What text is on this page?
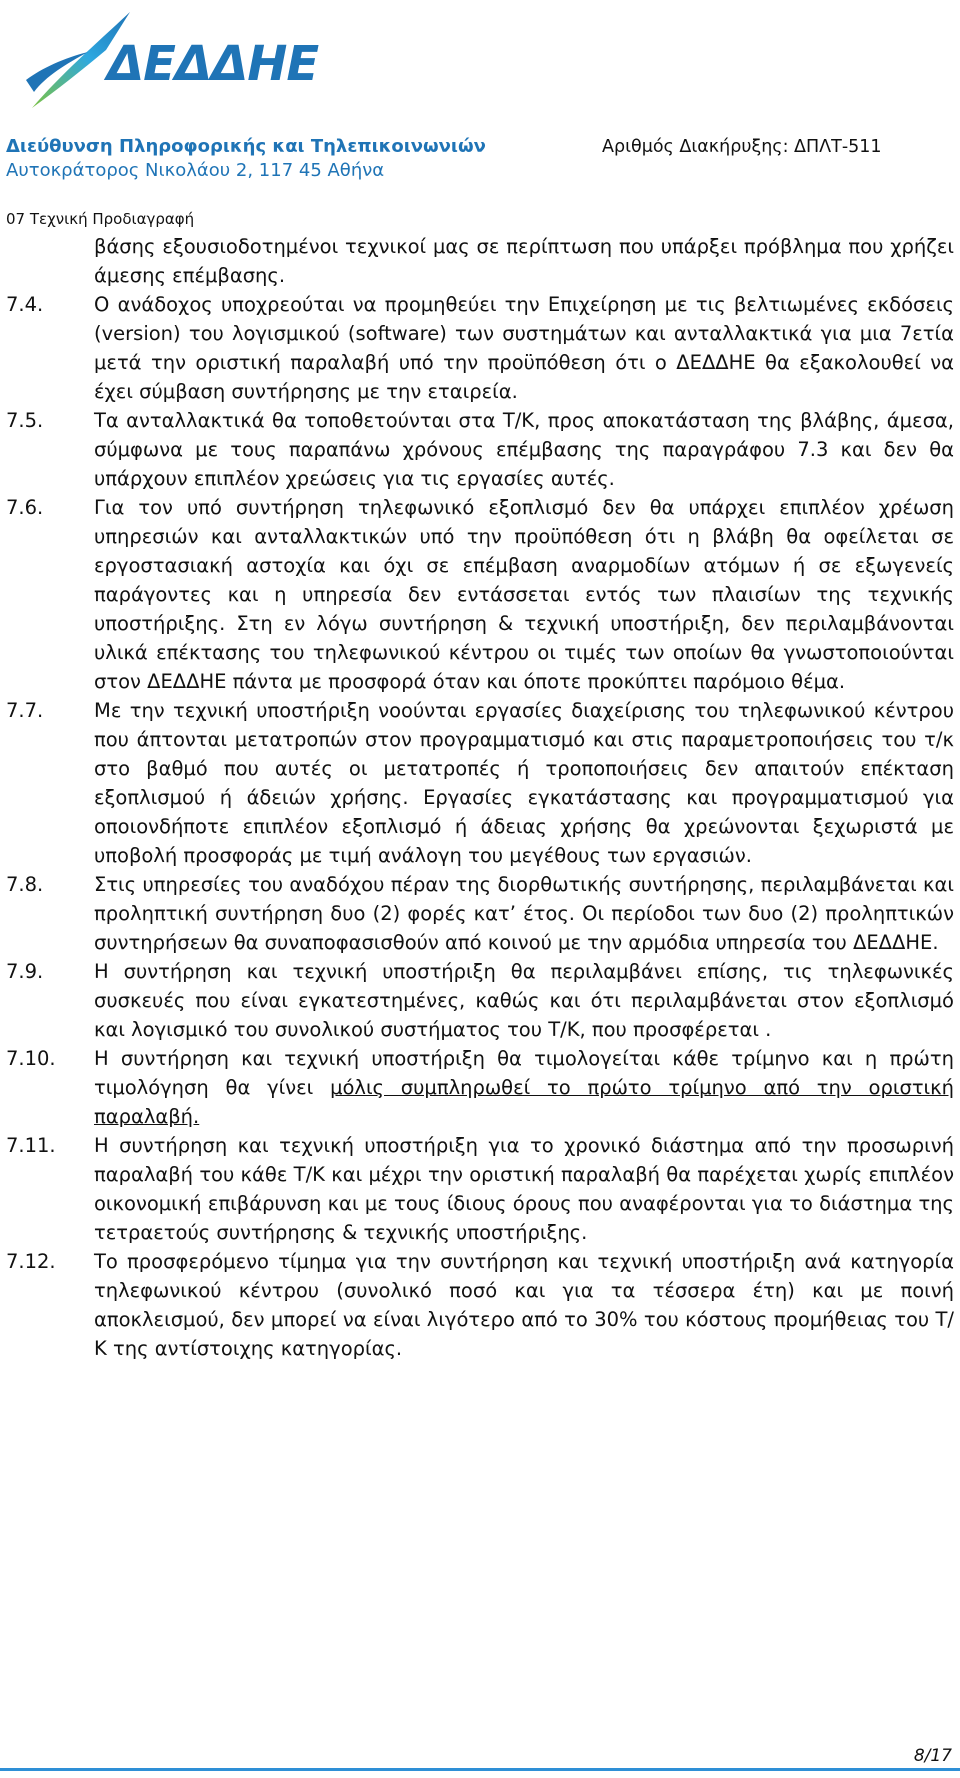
ΔΕΔΔΗΕ
Διεύθυνση Πληροφορικής και Τηλεπικοινωνιών
Αυτοκράτορος Νικολάου 2, 117 45 Αθήνα
Αριθμός Διακήρυξης: ΔΠΛΤ-511
07 Τεχνική Προδιαγραφή
βάσης εξουσιοδοτημένοι τεχνικοί μας σε περίπτωση που υπάρξει πρόβλημα που χρήζει άμεσης επέμβασης.
7.4.	Ο ανάδοχος υποχρεούται να προμηθεύει την Επιχείρηση με τις βελτιωμένες εκδόσεις (version) του λογισμικού (software) των συστημάτων και ανταλλακτικά για μια 7ετία μετά την οριστική παραλαβή υπό την προϋπόθεση ότι ο ΔΕΔΔΗΕ θα εξακολουθεί να έχει σύμβαση συντήρησης με την εταιρεία.
7.5.	Τα ανταλλακτικά θα τοποθετούνται στα Τ/Κ, προς αποκατάσταση της βλάβης, άμεσα, σύμφωνα με τους παραπάνω χρόνους επέμβασης της παραγράφου 7.3 και δεν θα υπάρχουν επιπλέον χρεώσεις για τις εργασίες αυτές.
7.6.	Για τον υπό συντήρηση τηλεφωνικό εξοπλισμό δεν θα υπάρχει επιπλέον χρέωση υπηρεσιών και ανταλλακτικών υπό την προϋπόθεση ότι η βλάβη θα οφείλεται σε εργοστασιακή αστοχία και όχι σε επέμβαση αναρμοδίων ατόμων ή σε εξωγενείς παράγοντες και η υπηρεσία δεν εντάσσεται εντός των πλαισίων της τεχνικής υποστήριξης. Στη εν λόγω συντήρηση & τεχνική υποστήριξη, δεν περιλαμβάνονται υλικά επέκτασης του τηλεφωνικού κέντρου οι τιμές των οποίων θα γνωστοποιούνται στον ΔΕΔΔΗΕ πάντα με προσφορά όταν και όποτε προκύπτει παρόμοιο θέμα.
7.7.	Με την τεχνική υποστήριξη νοούνται εργασίες διαχείρισης του τηλεφωνικού κέντρου που άπτονται μετατροπών στον προγραμματισμό και στις παραμετροποιήσεις του τ/κ στο βαθμό που αυτές οι μετατροπές ή τροποποιήσεις δεν απαιτούν επέκταση εξοπλισμού ή άδειών χρήσης. Εργασίες εγκατάστασης και προγραμματισμού για οποιονδήποτε επιπλέον εξοπλισμό ή άδειας χρήσης θα χρεώνονται ξεχωριστά με υποβολή προσφοράς με τιμή ανάλογη του μεγέθους των εργασιών.
7.8.	Στις υπηρεσίες του αναδόχου πέραν της διορθωτικής συντήρησης, περιλαμβάνεται και προληπτική συντήρηση δυο (2) φορές κατ’ έτος. Οι περίοδοι των δυο (2) προληπτικών συντηρήσεων θα συναποφασισθούν από κοινού με την αρμόδια υπηρεσία του ΔΕΔΔΗΕ.
7.9.	Η συντήρηση και τεχνική υποστήριξη θα περιλαμβάνει επίσης, τις τηλεφωνικές συσκευές που είναι εγκατεστημένες, καθώς και ότι περιλαμβάνεται στον εξοπλισμό και λογισμικό του συνολικού συστήματος του Τ/Κ, που προσφέρεται .
7.10.	Η συντήρηση και τεχνική υποστήριξη θα τιμολογείται κάθε τρίμηνο και η πρώτη τιμολόγηση θα γίνει μόλις συμπληρωθεί το πρώτο τρίμηνο από την οριστική παραλαβή.
7.11.	Η συντήρηση και τεχνική υποστήριξη για το χρονικό διάστημα από την προσωρινή παραλαβή του κάθε Τ/Κ και μέχρι την οριστική παραλαβή θα παρέχεται χωρίς επιπλέον οικονομική επιβάρυνση και με τους ίδιους όρους που αναφέρονται για το διάστημα της τετραετούς συντήρησης & τεχνικής υποστήριξης.
7.12.	Το προσφερόμενο τίμημα για την συντήρηση και τεχνική υποστήριξη ανά κατηγορία τηλεφωνικού κέντρου (συνολικό ποσό και για τα τέσσερα έτη) και με ποινή αποκλεισμού, δεν μπορεί να είναι λιγότερο από το 30% του κόστους προμήθειας του Τ/Κ της αντίστοιχης κατηγορίας.
8/17
